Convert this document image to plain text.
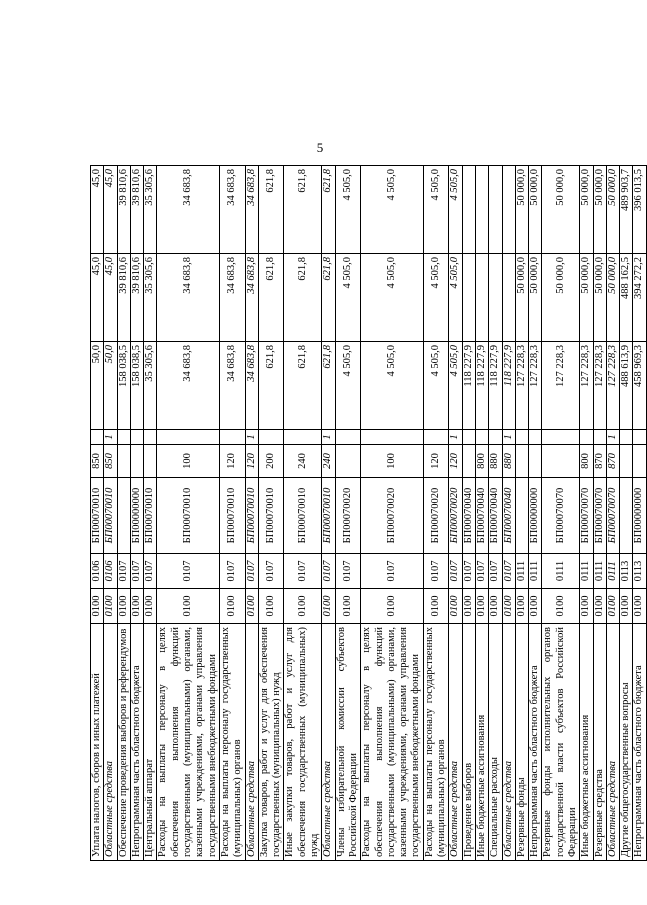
5
Уплата налогов, сборов и иных платежей	0100	0106	БП00070010	850		50,0	45,0	45,0
Областные средства	0100	0106	БП00070010	850	1	50,0	45,0	45,0
Обеспечение проведения выборов и референдумов	0100	0107				158 038,5	39 810,6	39 810,6
Непрограммная часть областного бюджета	0100	0107	БП00000000			158 038,5	39 810,6	39 810,6
Центральный аппарат	0100	0107	БП00070010			35 305,6	35 305,6	35 305,6
Расходы на выплаты персоналу в целях обеспечения выполнения функций государственными (муниципальными) органами, казенными учреждениями, органами управления государственными внебюджетными фондами	0100	0107	БП00070010	100		34 683,8	34 683,8	34 683,8
Расходы на выплаты персоналу государственных (муниципальных) органов	0100	0107	БП00070010	120		34 683,8	34 683,8	34 683,8
Областные средства	0100	0107	БП00070010	120	1	34 683,8	34 683,8	34 683,8
Закупка товаров, работ и услуг для обеспечения государственных (муниципальных) нужд	0100	0107	БП00070010	200		621,8	621,8	621,8
Иные закупки товаров, работ и услуг для обеспечения государственных (муниципальных) нужд	0100	0107	БП00070010	240		621,8	621,8	621,8
Областные средства	0100	0107	БП00070010	240	1	621,8	621,8	621,8
Члены избирательной комиссии субъектов Российской Федерации	0100	0107	БП00070020			4 505,0	4 505,0	4 505,0
Расходы на выплаты персоналу в целях обеспечения выполнения функций государственными (муниципальными) органами, казенными учреждениями, органами управления государственными внебюджетными фондами	0100	0107	БП00070020	100		4 505,0	4 505,0	4 505,0
Расходы на выплаты персоналу государственных (муниципальных) органов	0100	0107	БП00070020	120		4 505,0	4 505,0	4 505,0
Областные средства	0100	0107	БП00070020	120	1	4 505,0	4 505,0	4 505,0
Проведение выборов	0100	0107	БП00070040			118 227,9		
Иные бюджетные ассигнования	0100	0107	БП00070040	800		118 227,9		
Специальные расходы	0100	0107	БП00070040	880		118 227,9		
Областные средства	0100	0107	БП00070040	880	1	118 227,9		
Резервные фонды	0100	0111				127 228,3	50 000,0	50 000,0
Непрограммная часть областного бюджета	0100	0111	БП00000000			127 228,3	50 000,0	50 000,0
Резервные фонды исполнительных органов государственной власти субъектов Российской Федерации	0100	0111	БП00070070			127 228,3	50 000,0	50 000,0
Иные бюджетные ассигнования	0100	0111	БП00070070	800		127 228,3	50 000,0	50 000,0
Резервные средства	0100	0111	БП00070070	870		127 228,3	50 000,0	50 000,0
Областные средства	0100	0111	БП00070070	870	1	127 228,3	50 000,0	50 000,0
Другие общегосударственные вопросы	0100	0113				488 613,9	488 162,5	489 903,7
Непрограммная часть областного бюджета	0100	0113	БП00000000			458 969,3	394 272,2	396 013,5
